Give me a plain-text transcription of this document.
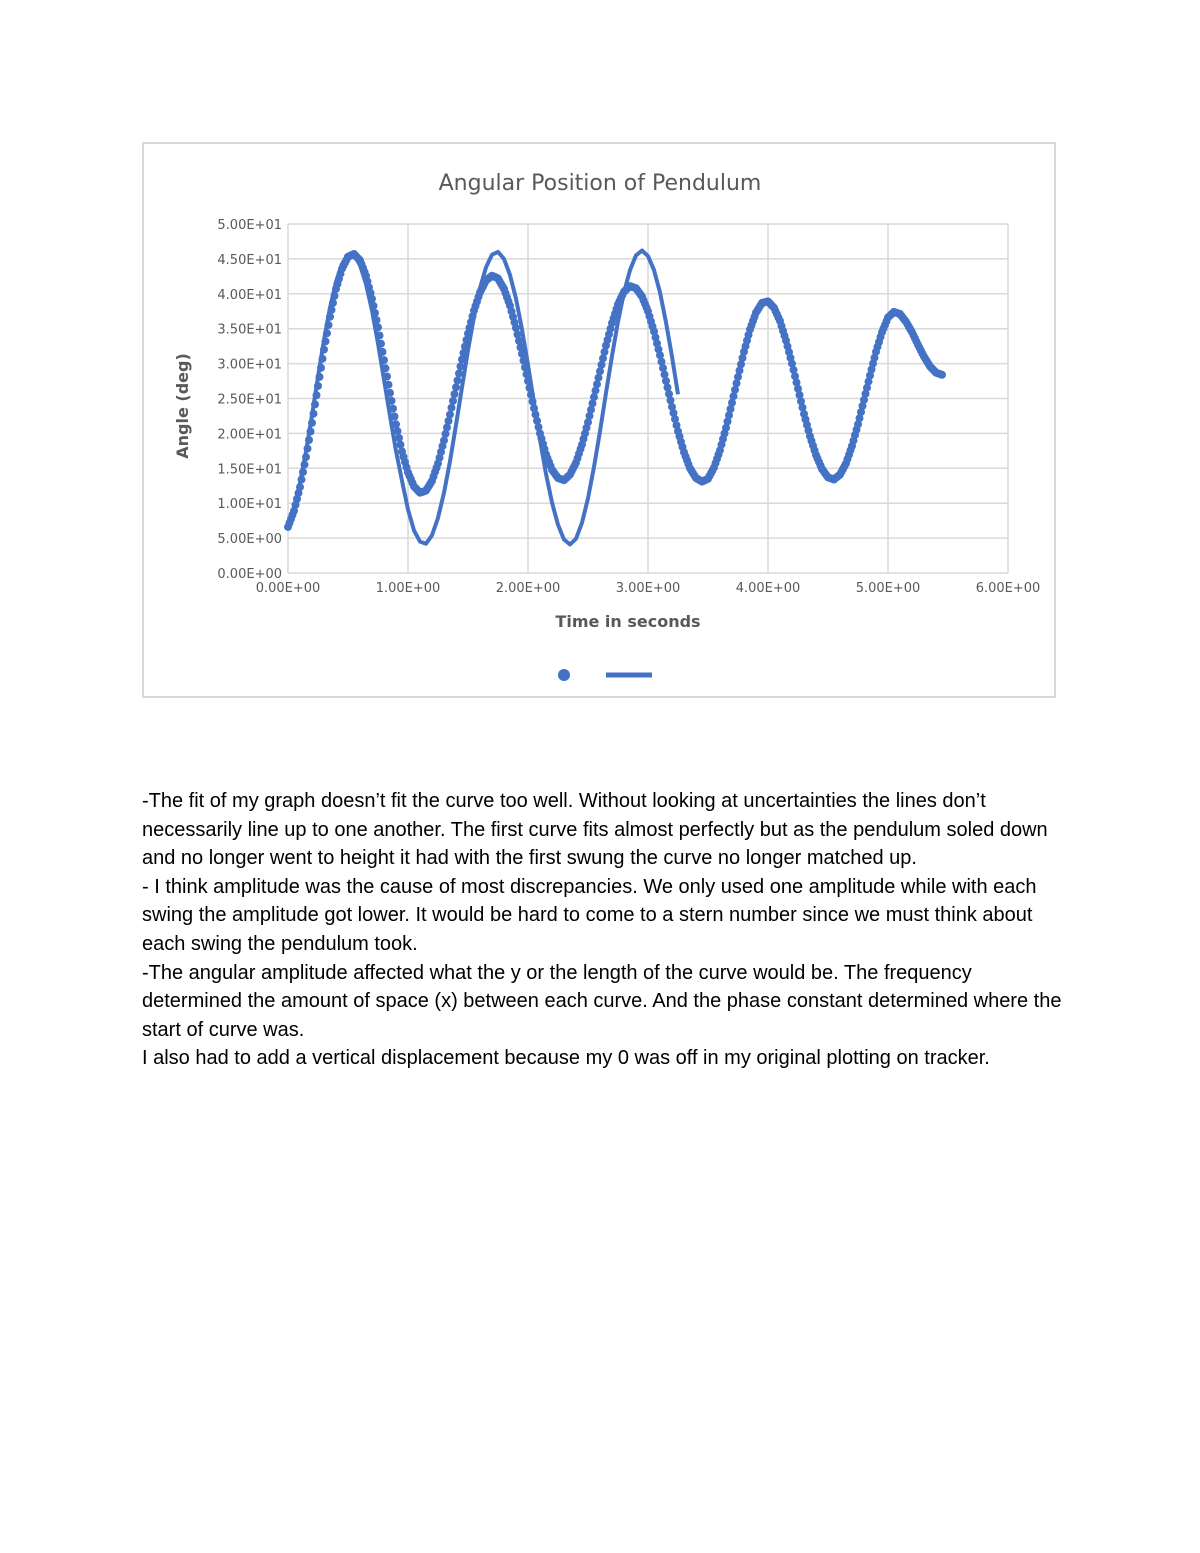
Angular Position of Pendulum
0.00E+00
5.00E+00
1.00E+01
1.50E+01
2.00E+01
2.50E+01
3.00E+01
3.50E+01
4.00E+01
4.50E+01
5.00E+01
0.00E+00	1.00E+00	2.00E+00	3.00E+00	4.00E+00	5.00E+00	6.00E+00
Time in seconds
Angle (deg)

-The fit of my graph doesn’t fit the curve too well. Without looking at uncertainties the lines don’t necessarily line up to one another. The first curve fits almost perfectly but as the pendulum soled down and no longer went to height it had with the first swung the curve no longer matched up.

- I think amplitude was the cause of most discrepancies. We only used one amplitude while with each swing the amplitude got lower. It would be hard to come to a stern number since we must think about each swing the pendulum took.

-The angular amplitude affected what the y or the length of the curve would be. The frequency determined the amount of space (x) between each curve. And the phase constant determined where the start of curve was.

I also had to add a vertical displacement because my 0 was off in my original plotting on tracker.
